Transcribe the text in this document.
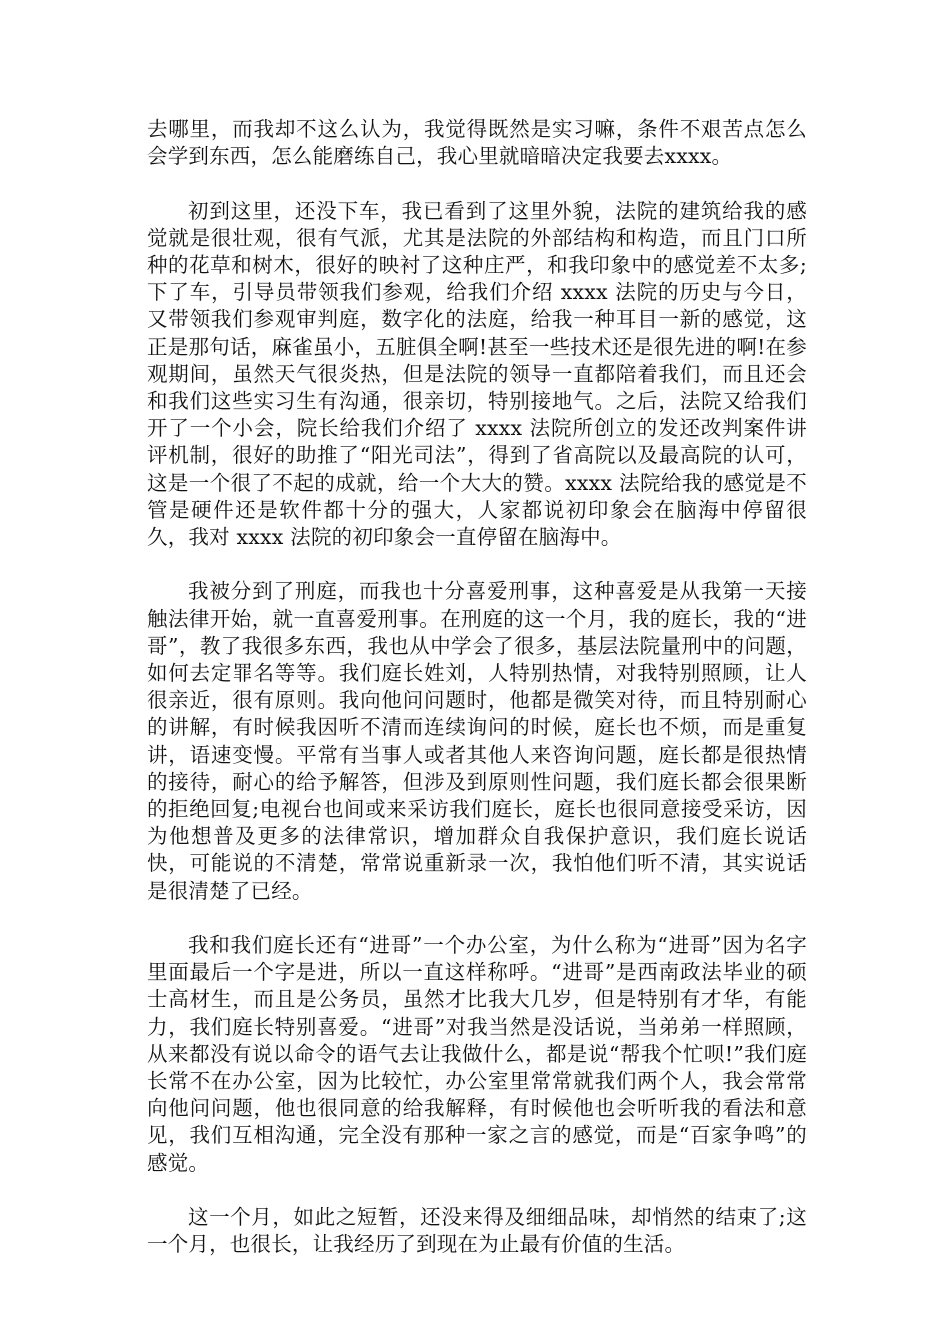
去哪里，而我却不这么认为，我觉得既然是实习嘛，条件不艰苦点怎么会学到东西，怎么能磨练自己，我心里就暗暗决定我要去xxxx。

初到这里，还没下车，我已看到了这里外貌，法院的建筑给我的感觉就是很壮观，很有气派，尤其是法院的外部结构和构造，而且门口所种的花草和树木，很好的映衬了这种庄严，和我印象中的感觉差不太多;下了车，引导员带领我们参观，给我们介绍 xxxx 法院的历史与今日，又带领我们参观审判庭，数字化的法庭，给我一种耳目一新的感觉，这正是那句话，麻雀虽小，五脏俱全啊!甚至一些技术还是很先进的啊!在参观期间，虽然天气很炎热，但是法院的领导一直都陪着我们，而且还会和我们这些实习生有沟通，很亲切，特别接地气。之后，法院又给我们开了一个小会，院长给我们介绍了 xxxx 法院所创立的发还改判案件讲评机制，很好的助推了“阳光司法”，得到了省高院以及最高院的认可，这是一个很了不起的成就，给一个大大的赞。xxxx 法院给我的感觉是不管是硬件还是软件都十分的强大，人家都说初印象会在脑海中停留很久，我对 xxxx 法院的初印象会一直停留在脑海中。

我被分到了刑庭，而我也十分喜爱刑事，这种喜爱是从我第一天接触法律开始，就一直喜爱刑事。在刑庭的这一个月，我的庭长，我的“进哥”，教了我很多东西，我也从中学会了很多，基层法院量刑中的问题，如何去定罪名等等。我们庭长姓刘，人特别热情，对我特别照顾，让人很亲近，很有原则。我向他问问题时，他都是微笑对待，而且特别耐心的讲解，有时候我因听不清而连续询问的时候，庭长也不烦，而是重复讲，语速变慢。平常有当事人或者其他人来咨询问题，庭长都是很热情的接待，耐心的给予解答，但涉及到原则性问题，我们庭长都会很果断的拒绝回复;电视台也间或来采访我们庭长，庭长也很同意接受采访，因为他想普及更多的法律常识，增加群众自我保护意识，我们庭长说话快，可能说的不清楚，常常说重新录一次，我怕他们听不清，其实说话是很清楚了已经。

我和我们庭长还有“进哥”一个办公室，为什么称为“进哥”因为名字里面最后一个字是进，所以一直这样称呼。“进哥”是西南政法毕业的硕士高材生，而且是公务员，虽然才比我大几岁，但是特别有才华，有能力，我们庭长特别喜爱。“进哥”对我当然是没话说，当弟弟一样照顾，从来都没有说以命令的语气去让我做什么，都是说“帮我个忙呗!”我们庭长常不在办公室，因为比较忙，办公室里常常就我们两个人，我会常常向他问问题，他也很同意的给我解释，有时候他也会听听我的看法和意见，我们互相沟通，完全没有那种一家之言的感觉，而是“百家争鸣”的感觉。

这一个月，如此之短暂，还没来得及细细品味，却悄然的结束了;这一个月，也很长，让我经历了到现在为止最有价值的生活。
